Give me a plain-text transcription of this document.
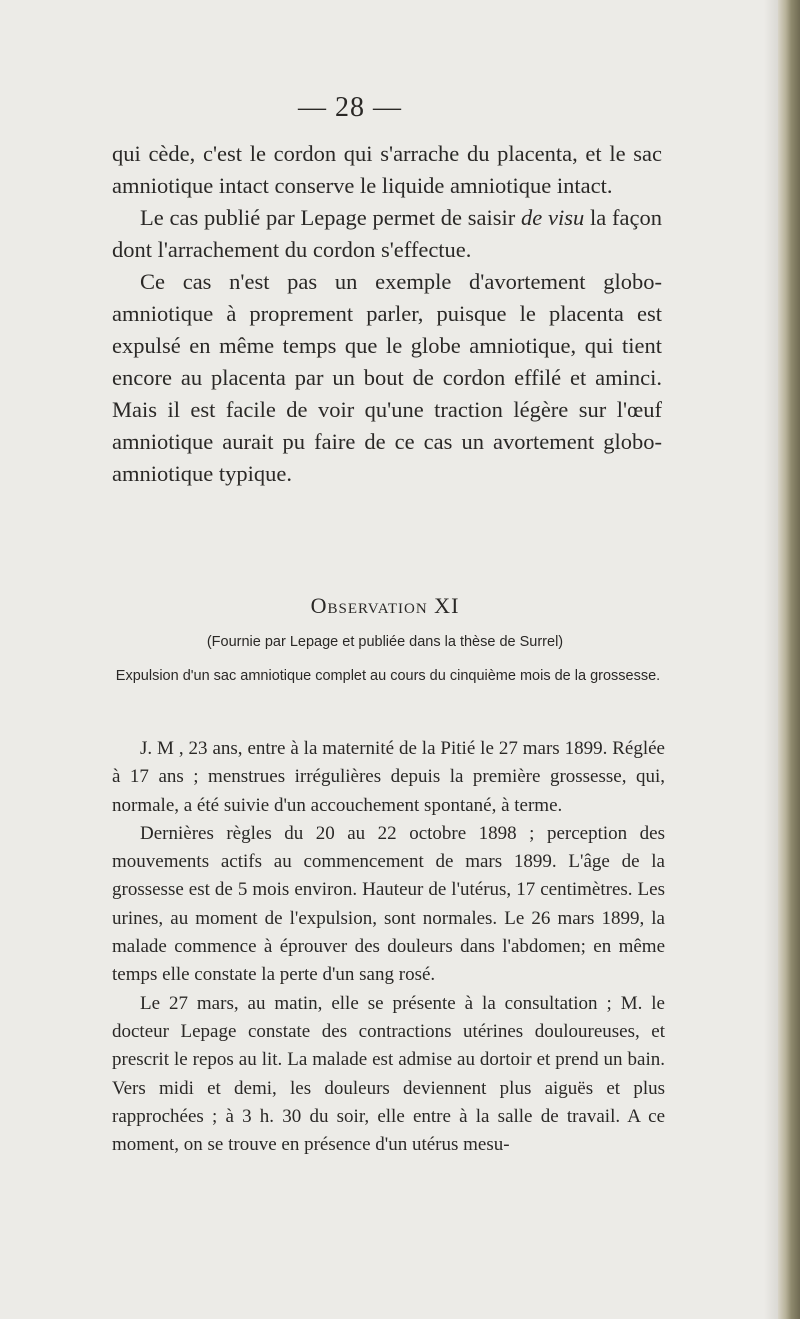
— 28 —

qui cède, c'est le cordon qui s'arrache du placenta, et le sac amniotique intact conserve le liquide amniotique intact.

Le cas publié par Lepage permet de saisir de visu la façon dont l'arrachement du cordon s'effectue.

Ce cas n'est pas un exemple d'avortement globo-amniotique à proprement parler, puisque le placenta est expulsé en même temps que le globe amniotique, qui tient encore au placenta par un bout de cordon effilé et aminci. Mais il est facile de voir qu'une traction légère sur l'œuf amniotique aurait pu faire de ce cas un avortement globo-amniotique typique.

Observation XI
(Fournie par Lepage et publiée dans la thèse de Surrel)
Expulsion d'un sac amniotique complet au cours du cinquième mois de la grossesse.

J. M , 23 ans, entre à la maternité de la Pitié le 27 mars 1899. Réglée à 17 ans ; menstrues irrégulières depuis la première grossesse, qui, normale, a été suivie d'un accouchement spontané, à terme.

Dernières règles du 20 au 22 octobre 1898 ; perception des mouvements actifs au commencement de mars 1899. L'âge de la grossesse est de 5 mois environ. Hauteur de l'utérus, 17 centimètres. Les urines, au moment de l'expulsion, sont normales. Le 26 mars 1899, la malade commence à éprouver des douleurs dans l'abdomen; en même temps elle constate la perte d'un sang rosé.

Le 27 mars, au matin, elle se présente à la consultation ; M. le docteur Lepage constate des contractions utérines douloureuses, et prescrit le repos au lit. La malade est admise au dortoir et prend un bain. Vers midi et demi, les douleurs deviennent plus aiguës et plus rapprochées ; à 3 h. 30 du soir, elle entre à la salle de travail. A ce moment, on se trouve en présence d'un utérus mesu-
